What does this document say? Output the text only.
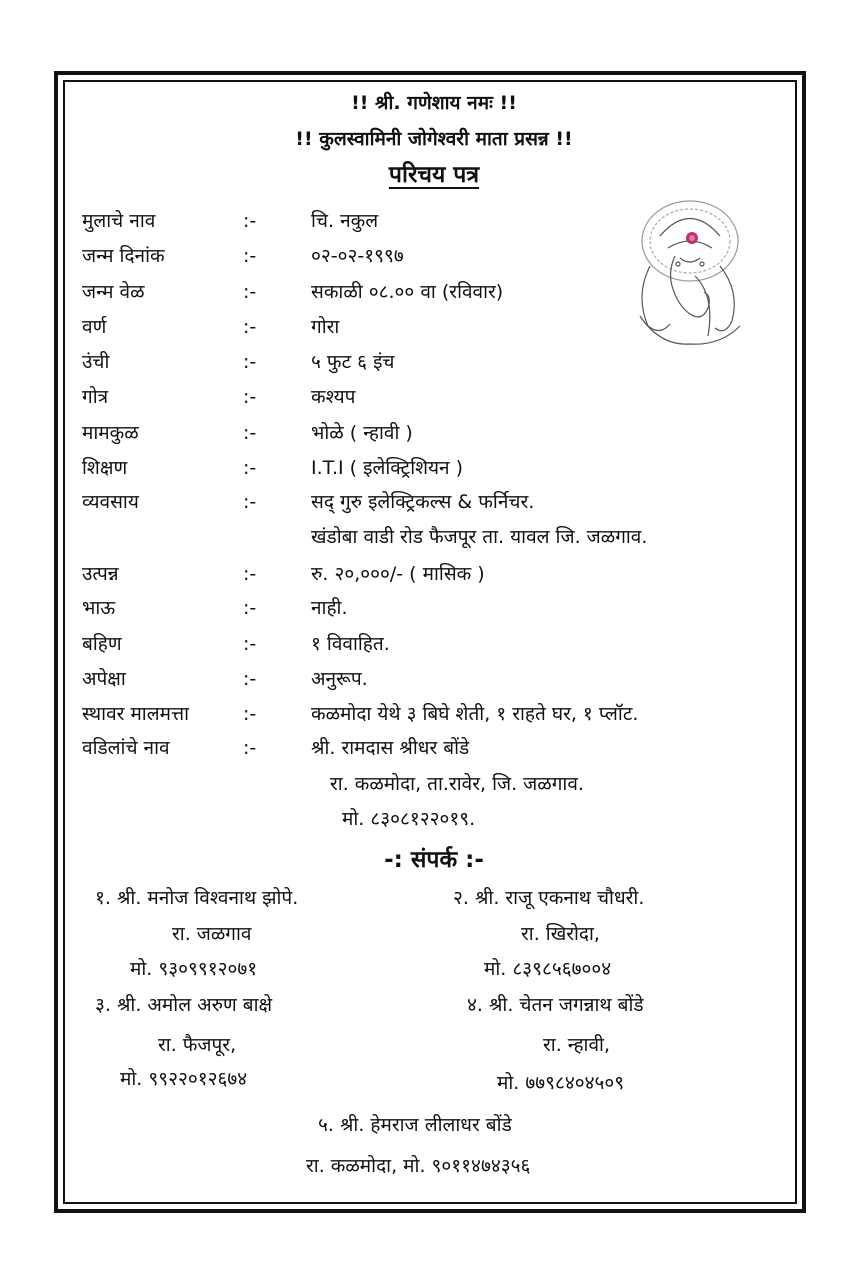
!! श्री. गणेशाय नमः !!
!! कुलस्वामिनी जोगेश्वरी माता प्रसन्न !!
परिचय पत्र
मुलाचे नाव	:-	चि. नकुल
जन्म दिनांक	:-	०२-०२-१९९७
जन्म वेळ	:-	सकाळी ०८.०० वा (रविवार)
वर्ण	:-	गोरा
उंची	:-	५ फुट ६ इंच
गोत्र	:-	कश्यप
मामकुळ	:-	भोळे ( न्हावी )
शिक्षण	:-	I.T.I ( इलेक्ट्रिशियन )
व्यवसाय	:-	सद् गुरु इलेक्ट्रिकल्स & फर्निचर.
खंडोबा वाडी रोड फैजपूर ता. यावल जि. जळगाव.
उत्पन्न	:-	रु. २०,०००/- ( मासिक )
भाऊ	:-	नाही.
बहिण	:-	१ विवाहित.
अपेक्षा	:-	अनुरूप.
स्थावर मालमत्ता	:-	कळमोदा येथे ३ बिघे शेती, १ राहते घर, १ प्लॉट.
वडिलांचे नाव	:-	श्री. रामदास श्रीधर बोंडे
रा. कळमोदा, ता.रावेर, जि. जळगाव.
मो. ८३०८१२२०१९.
-: संपर्क :-
१. श्री. मनोज विश्वनाथ झोपे.
रा. जळगाव
मो. ९३०९९१२०७१
२. श्री. राजू एकनाथ चौधरी.
रा. खिरोदा,
मो. ८३९८५६७००४
३. श्री. अमोल अरुण बाक्षे
रा. फैजपूर,
मो. ९९२२०१२६७४
४. श्री. चेतन जगन्नाथ बोंडे
रा. न्हावी,
मो. ७७९८४०४५०९
५. श्री. हेमराज लीलाधर बोंडे
रा. कळमोदा, मो. ९०११४७४३५६
